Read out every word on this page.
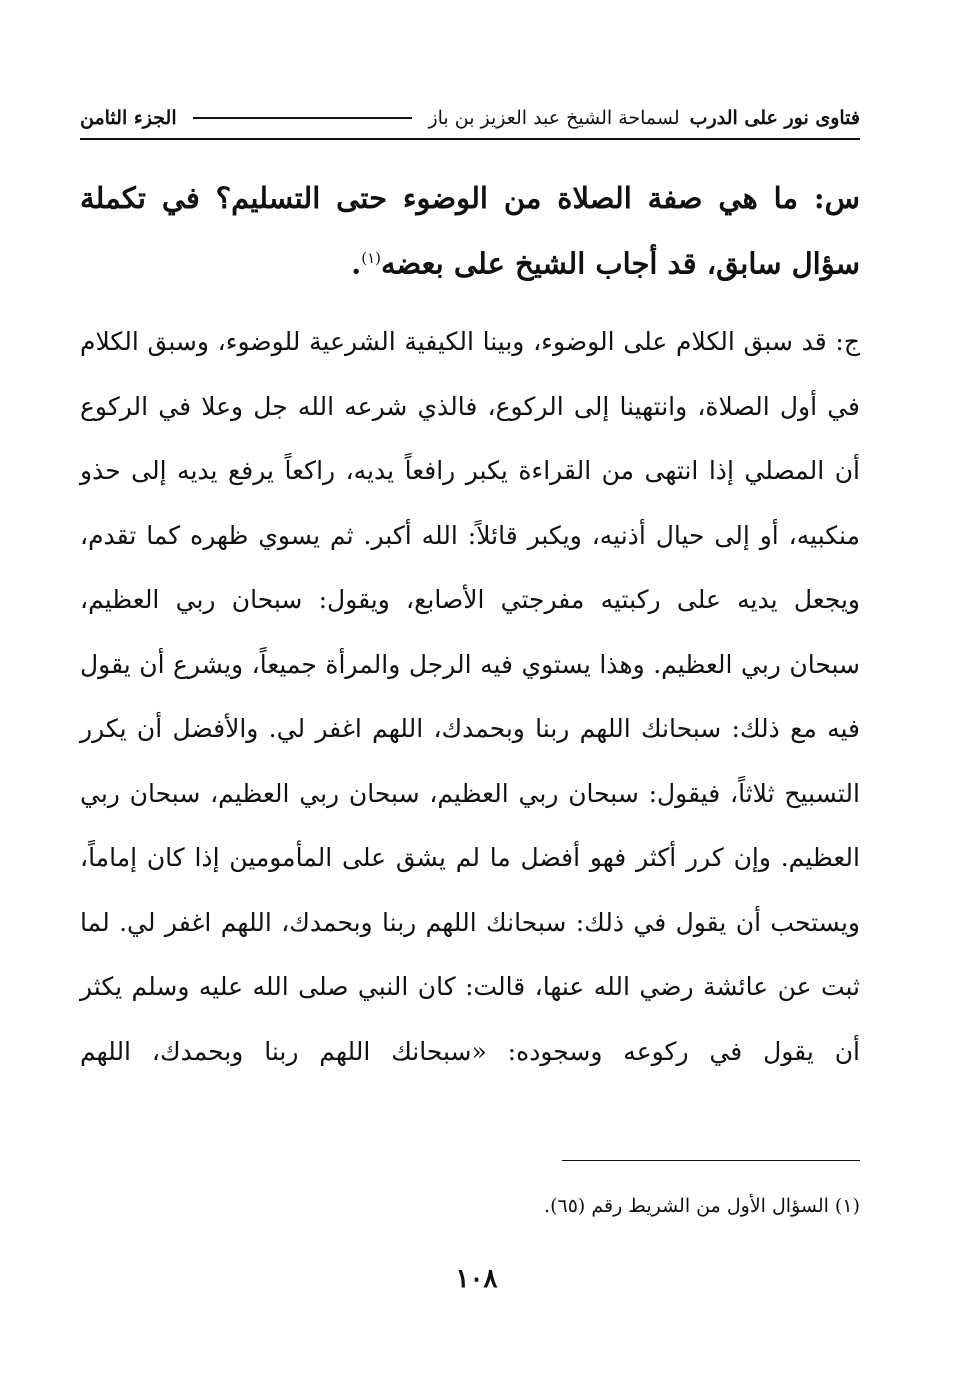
فتاوى نور على الدرب
لسماحة الشيخ عبد العزيز بن باز
الجزء الثامن
س: ما هي صفة الصلاة من الوضوء حتى التسليم؟ في تكملة سؤال سابق، قد أجاب الشيخ على بعضه$^{(١)}$.
ج: قد سبق الكلام على الوضوء، وبينا الكيفية الشرعية للوضوء، وسبق الكلام في أول الصلاة، وانتهينا إلى الركوع، فالذي شرعه الله جل وعلا في الركوع أن المصلي إذا انتهى من القراءة يكبر رافعاً يديه، راكعاً يرفع يديه إلى حذو منكبيه، أو إلى حيال أذنيه، ويكبر قائلاً: الله أكبر. ثم يسوي ظهره كما تقدم، ويجعل يديه على ركبتيه مفرجتي الأصابع، ويقول: سبحان ربي العظيم، سبحان ربي العظيم. وهذا يستوي فيه الرجل والمرأة جميعاً، ويشرع أن يقول فيه مع ذلك: سبحانك اللهم ربنا وبحمدك، اللهم اغفر لي. والأفضل أن يكرر التسبيح ثلاثاً، فيقول: سبحان ربي العظيم، سبحان ربي العظيم، سبحان ربي العظيم. وإن كرر أكثر فهو أفضل ما لم يشق على المأمومين إذا كان إماماً، ويستحب أن يقول في ذلك: سبحانك اللهم ربنا وبحمدك، اللهم اغفر لي. لما ثبت عن عائشة رضي الله عنها، قالت: كان النبي صلى الله عليه وسلم يكثر أن يقول في ركوعه وسجوده: «سبحانك اللهم ربنا وبحمدك، اللهم
(١) السؤال الأول من الشريط رقم (٦٥).
١٠٨
